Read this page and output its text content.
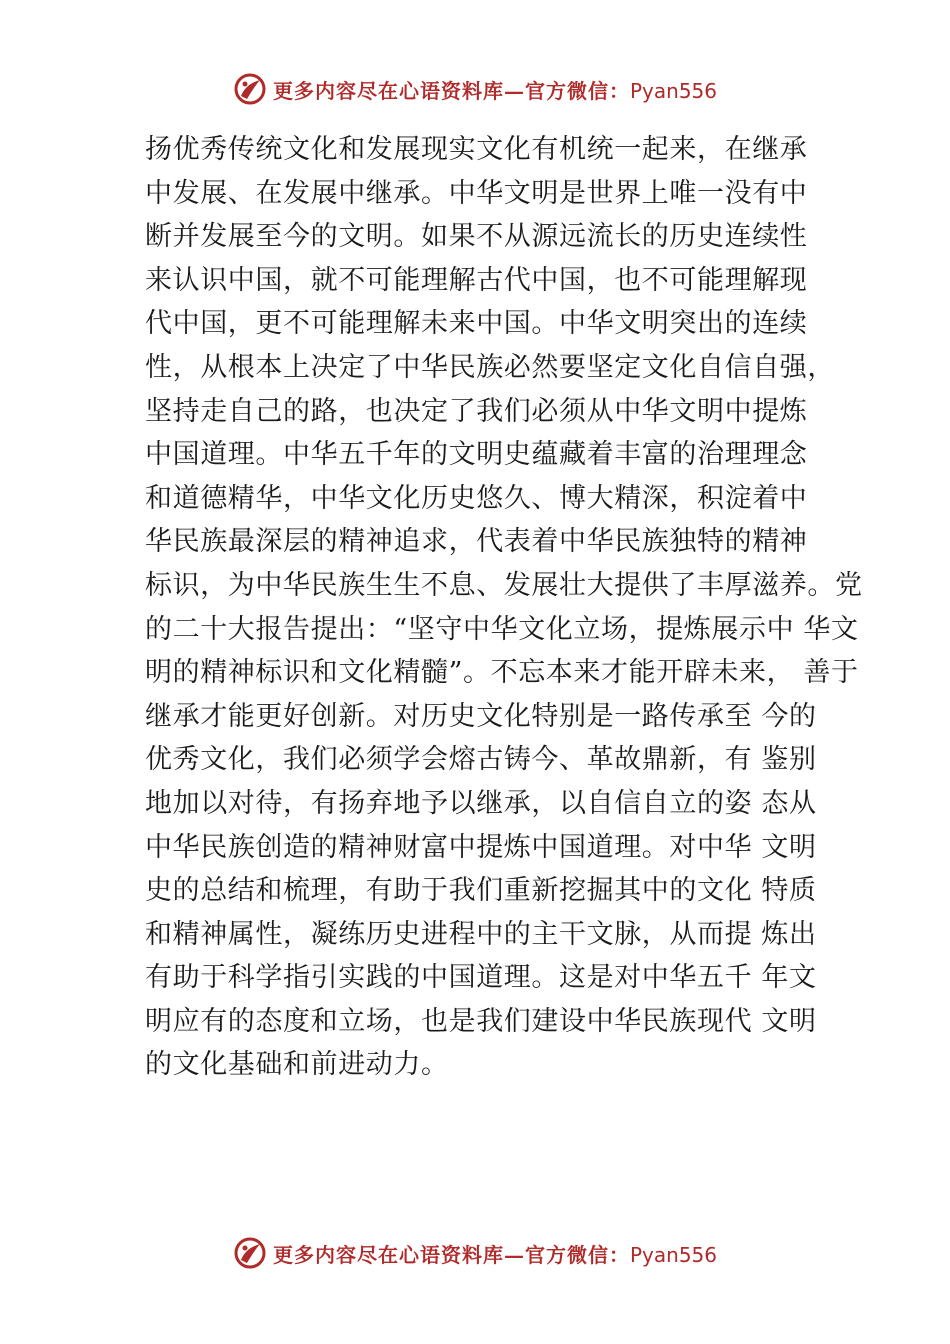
更多内容尽在心语资料库—官方微信：Pyan556
扬优秀传统文化和发展现实文化有机统一起来，在继承
中发展、在发展中继承。中华文明是世界上唯一没有中
断并发展至今的文明。如果不从源远流长的历史连续性
来认识中国，就不可能理解古代中国，也不可能理解现
代中国，更不可能理解未来中国。中华文明突出的连续
性，从根本上决定了中华民族必然要坚定文化自信自强，
坚持走自己的路，也决定了我们必须从中华文明中提炼
中国道理。中华五千年的文明史蕴藏着丰富的治理理念
和道德精华，中华文化历史悠久、博大精深，积淀着中
华民族最深层的精神追求，代表着中华民族独特的精神
标识，为中华民族生生不息、发展壮大提供了丰厚滋养。党
的二十大报告提出：“坚守中华文化立场，提炼展示中 华文
明的精神标识和文化精髓”。不忘本来才能开辟未来， 善于
继承才能更好创新。对历史文化特别是一路传承至 今的
优秀文化，我们必须学会熔古铸今、革故鼎新，有 鉴别
地加以对待，有扬弃地予以继承，以自信自立的姿 态从
中华民族创造的精神财富中提炼中国道理。对中华 文明
史的总结和梳理，有助于我们重新挖掘其中的文化 特质
和精神属性，凝练历史进程中的主干文脉，从而提 炼出
有助于科学指引实践的中国道理。这是对中华五千 年文
明应有的态度和立场，也是我们建设中华民族现代 文明
的文化基础和前进动力。
更多内容尽在心语资料库—官方微信：Pyan556
